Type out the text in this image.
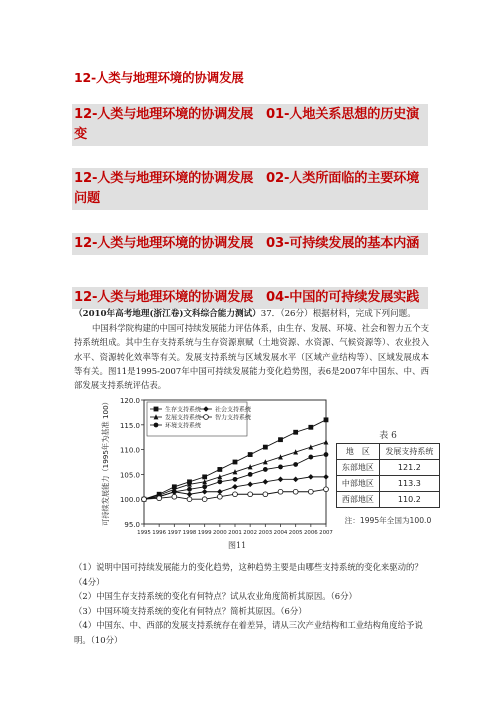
12-人类与地理环境的协调发展
12-人类与地理环境的协调发展　01-人地关系思想的历史演
变
12-人类与地理环境的协调发展　02-人类所面临的主要环境
问题
12-人类与地理环境的协调发展　03-可持续发展的基本内涵
12-人类与地理环境的协调发展　04-中国的可持续发展实践
（2010年高考地理(浙江卷)文科综合能力测试）37．（26分）根据材料，完成下列问题。
中国科学院构建的中国可持续发展能力评估体系，由生存、发展、环境、社会和智力五个支持系统组成。其中生存支持系统与生存资源禀赋（土地资源、水资源、气候资源等）、农业投入水平、资源转化效率等有关。发展支持系统与区域发展水平（区域产业结构等）、区域发展成本等有关。图11是1995-2007年中国可持续发展能力变化趋势图，表6是2007年中国东、中、西部发展支持系统评估表。
95.0
100.0
105.0
110.0
115.0
120.0
1995 1996 1997 1998 1999 2000 2001 2002 2003 2004 2005 2006 2007
可持续发展能力（1995年为基准 100）	生存支持系统
发展支持系统
环境支持系统
社会支持系统
智力支持系统
图11
表 6
地　区	发展支持系统
东部地区	121.2
中部地区	113.3
西部地区	110.2
注：1995年全国为100.0
（1）说明中国可持续发展能力的变化趋势，这种趋势主要是由哪些支持系统的变化来驱动的？（4分）
（2）中国生存支持系统的变化有何特点？试从农业角度简析其原因。（6分）
（3）中国环境支持系统的变化有何特点？简析其原因。（6分）
（4）中国东、中、西部的发展支持系统存在着差异，请从三次产业结构和工业结构角度给予说明。（10分）
